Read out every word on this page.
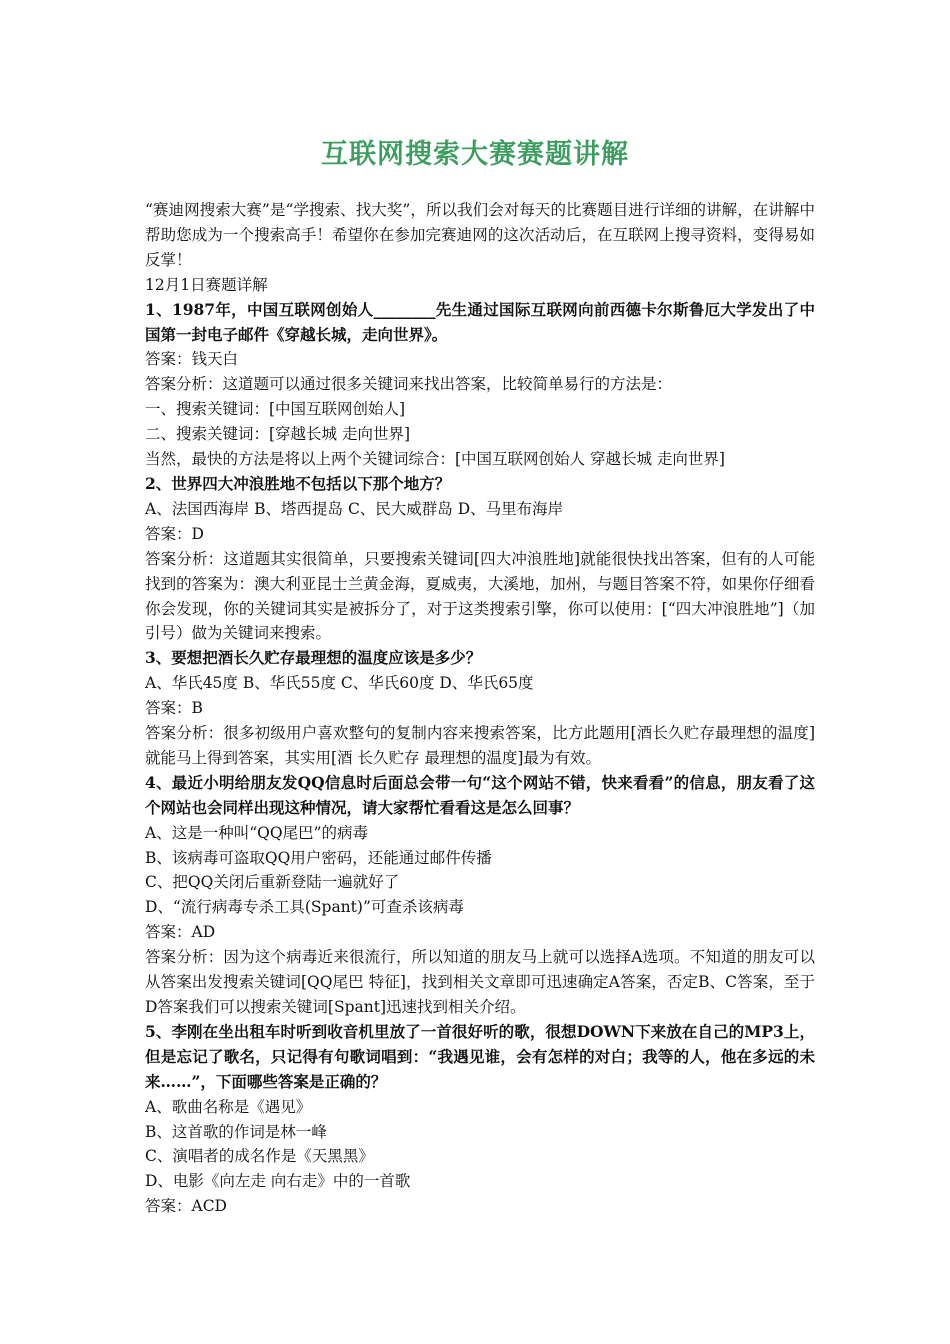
互联网搜索大赛赛题讲解

“赛迪网搜索大赛”是“学搜索、找大奖”，所以我们会对每天的比赛题目进行详细的讲解，在讲解中帮助您成为一个搜索高手！希望你在参加完赛迪网的这次活动后，在互联网上搜寻资料，变得易如反掌！

12月1日赛题详解

1、1987年，中国互联网创始人________先生通过国际互联网向前西德卡尔斯鲁厄大学发出了中国第一封电子邮件《穿越长城，走向世界》。

答案：钱天白

答案分析：这道题可以通过很多关键词来找出答案，比较简单易行的方法是：

一、搜索关键词：[中国互联网创始人]

二、搜索关键词：[穿越长城 走向世界]

当然，最快的方法是将以上两个关键词综合：[中国互联网创始人 穿越长城 走向世界]

2、世界四大冲浪胜地不包括以下那个地方？

A、法国西海岸 B、塔西提岛 C、民大威群岛 D、马里布海岸

答案：D

答案分析：这道题其实很简单，只要搜索关键词[四大冲浪胜地]就能很快找出答案，但有的人可能找到的答案为：澳大利亚昆士兰黄金海，夏威夷，大溪地，加州，与题目答案不符，如果你仔细看你会发现，你的关键词其实是被拆分了，对于这类搜索引擎，你可以使用：[“四大冲浪胜地”]（加引号）做为关键词来搜索。

3、要想把酒长久贮存最理想的温度应该是多少？

A、华氏45度 B、华氏55度 C、华氏60度 D、华氏65度

答案：B

答案分析：很多初级用户喜欢整句的复制内容来搜索答案，比方此题用[酒长久贮存最理想的温度]就能马上得到答案，其实用[酒 长久贮存 最理想的温度]最为有效。

4、最近小明给朋友发QQ信息时后面总会带一句“这个网站不错，快来看看”的信息，朋友看了这个网站也会同样出现这种情况，请大家帮忙看看这是怎么回事？

A、这是一种叫“QQ尾巴”的病毒

B、该病毒可盗取QQ用户密码，还能通过邮件传播

C、把QQ关闭后重新登陆一遍就好了

D、“流行病毒专杀工具(Spant)”可查杀该病毒

答案：AD

答案分析：因为这个病毒近来很流行，所以知道的朋友马上就可以选择A选项。不知道的朋友可以从答案出发搜索关键词[QQ尾巴 特征]，找到相关文章即可迅速确定A答案，否定B、C答案，至于D答案我们可以搜索关键词[Spant]迅速找到相关介绍。

5、李刚在坐出租车时听到收音机里放了一首很好听的歌，很想DOWN下来放在自己的MP3上，但是忘记了歌名，只记得有句歌词唱到：“我遇见谁，会有怎样的对白；我等的人，他在多远的未来……”，下面哪些答案是正确的？

A、歌曲名称是《遇见》

B、这首歌的作词是林一峰

C、演唱者的成名作是《天黑黑》

D、电影《向左走 向右走》中的一首歌

答案：ACD
